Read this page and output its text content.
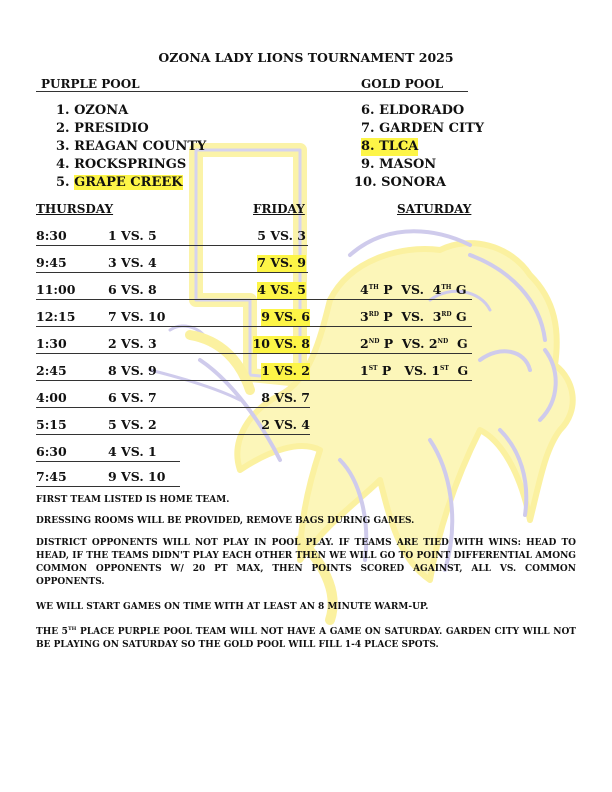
OZONA LADY LIONS TOURNAMENT 2025
PURPLE POOL	GOLD POOL
1. OZONA
2. PRESIDIO
3. REAGAN COUNTY
4. ROCKSPRINGS
5. GRAPE CREEK
6. ELDORADO
7. GARDEN CITY
8. TLCA
9. MASON
10. SONORA
THURSDAY	FRIDAY	SATURDAY
8:30	1 VS. 5	5 VS. 3
9:45	3 VS. 4	7 VS. 9
11:00	6 VS. 8	4 VS. 5	4TH P  VS.  4TH G
12:15	7 VS. 10	9 VS. 6	3RD P  VS.  3RD G
1:30	2 VS. 3	10 VS. 8	2ND P  VS. 2ND  G
2:45	8 VS. 9	1 VS. 2	1ST P   VS. 1ST  G
4:00	6 VS. 7	8 VS. 7
5:15	5 VS. 2	2 VS. 4
6:30	4 VS. 1
7:45	9 VS. 10
FIRST TEAM LISTED IS HOME TEAM.
DRESSING ROOMS WILL BE PROVIDED, REMOVE BAGS DURING GAMES.
DISTRICT OPPONENTS WILL NOT PLAY IN POOL PLAY. IF TEAMS ARE TIED WITH WINS: HEAD TO HEAD, IF THE TEAMS DIDN'T PLAY EACH OTHER THEN WE WILL GO TO POINT DIFFERENTIAL AMONG COMMON OPPONENTS W/ 20 PT MAX, THEN POINTS SCORED AGAINST, ALL VS. COMMON OPPONENTS.
WE WILL START GAMES ON TIME WITH AT LEAST AN 8 MINUTE WARM-UP.
THE 5TH PLACE PURPLE POOL TEAM WILL NOT HAVE A GAME ON SATURDAY. GARDEN CITY WILL NOT BE PLAYING ON SATURDAY SO THE GOLD POOL WILL FILL 1-4 PLACE SPOTS.
